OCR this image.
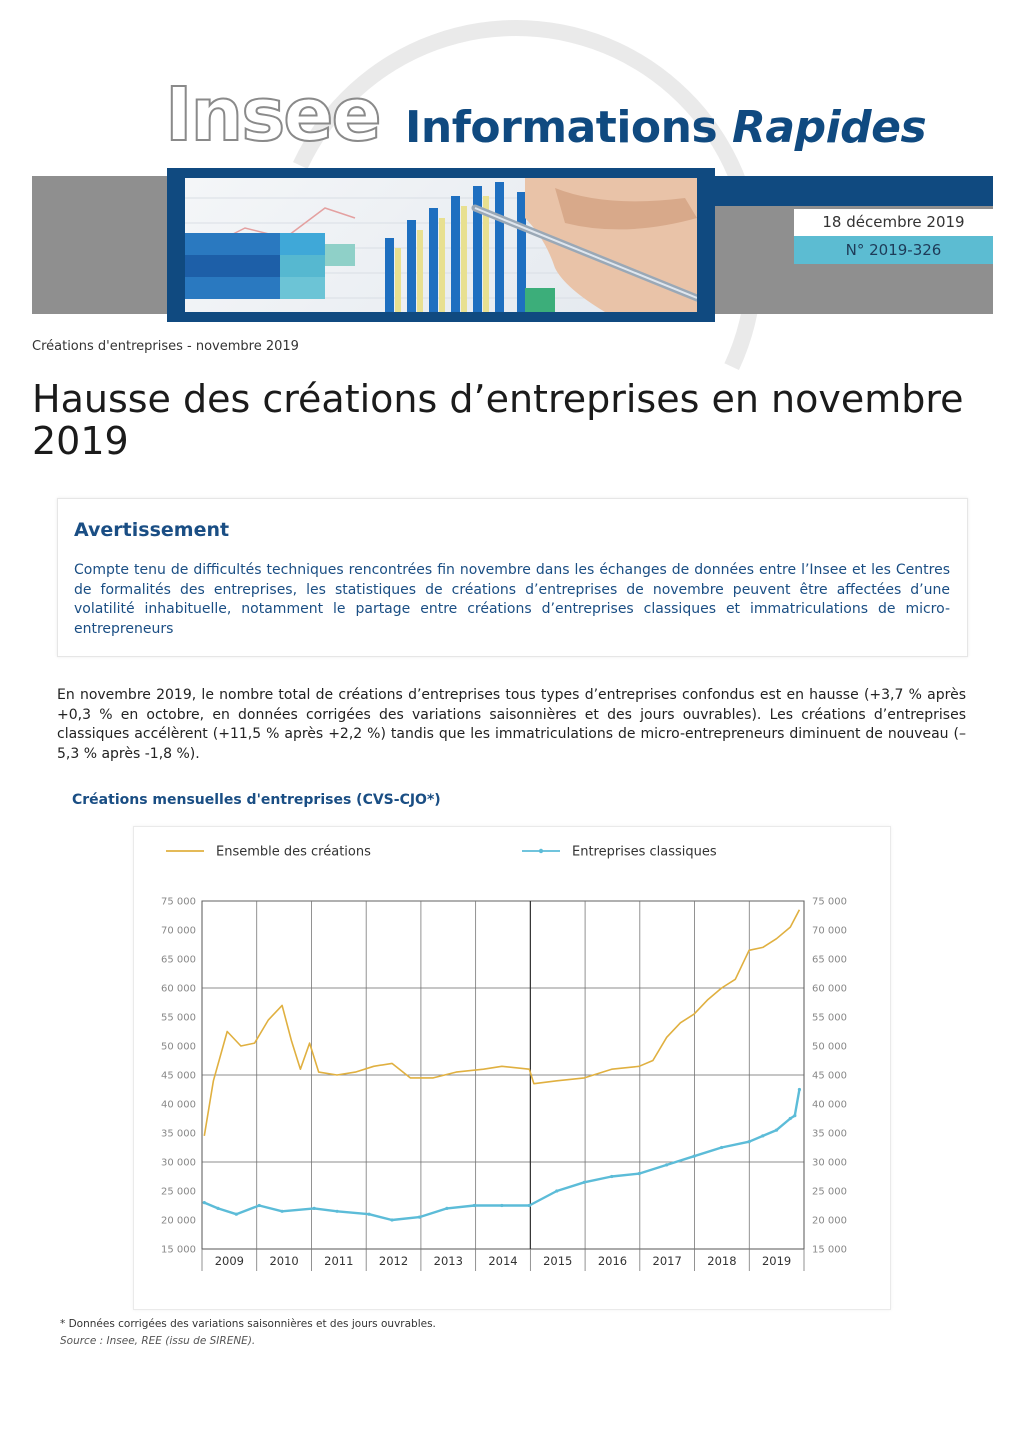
Insee Informations Rapides
18 décembre 2019
N° 2019-326
Créations d'entreprises - novembre 2019
Hausse des créations d’entreprises en novembre 2019
Avertissement

Compte tenu de difficultés techniques rencontrées fin novembre dans les échanges de données entre l’Insee et les Centres de formalités des entreprises, les statistiques de créations d’entreprises de novembre peuvent être affectées d’une volatilité inhabituelle, notamment le partage entre créations d’entreprises classiques et immatriculations de micro-entrepreneurs

En novembre 2019, le nombre total de créations d’entreprises tous types d’entreprises confondus est en hausse (+3,7 % après +0,3 % en octobre, en données corrigées des variations saisonnières et des jours ouvrables). Les créations d’entreprises classiques accélèrent (+11,5 % après +2,2 %) tandis que les immatriculations de micro-entrepreneurs diminuent de nouveau (–5,3 % après -1,8 %).

Créations mensuelles d'entreprises (CVS-CJO*)
15 000	15 000
20 000	20 000
25 000	25 000
30 000	30 000
35 000	35 000
40 000	40 000
45 000	45 000
50 000	50 000
55 000	55 000
60 000	60 000
65 000	65 000
70 000	70 000
75 000	75 000
2009 2010 2011 2012 2013 2014 2015 2016 2017 2018 2019
Ensemble des créations	Entreprises classiques
* Données corrigées des variations saisonnières et des jours ouvrables.
Source : Insee, REE (issu de SIRENE).
